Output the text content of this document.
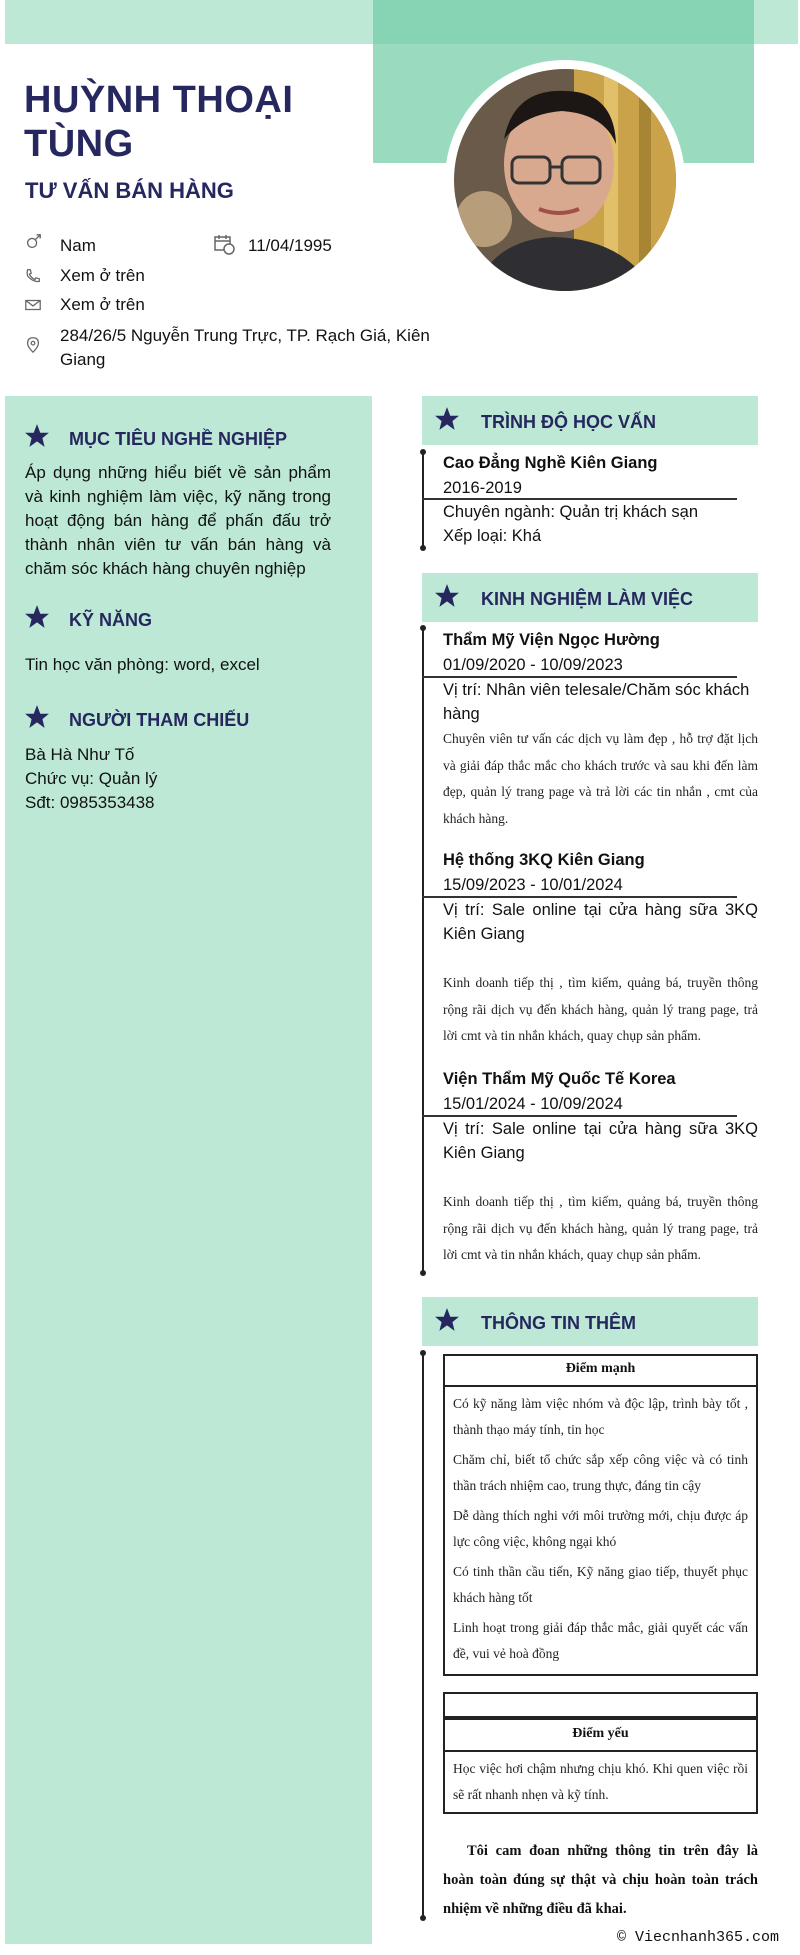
HUỲNH THOẠI TÙNG
TƯ VẤN BÁN HÀNG
Nam	11/04/1995
Xem ở trên
Xem ở trên
284/26/5 Nguyễn Trung Trực, TP. Rạch Giá, Kiên Giang
MỤC TIÊU NGHỀ NGHIỆP
Áp dụng những hiểu biết về sản phẩm và kinh nghiệm làm việc, kỹ năng trong hoạt động bán hàng để phấn đấu trở thành nhân viên tư vấn bán hàng và chăm sóc khách hàng chuyên nghiệp
KỸ NĂNG
Tin học văn phòng: word, excel
NGƯỜI THAM CHIẾU
Bà Hà Như Tố
Chức vụ: Quản lý
Sđt: 0985353438
TRÌNH ĐỘ HỌC VẤN
Cao Đẳng Nghề Kiên Giang
2016-2019
Chuyên ngành: Quản trị khách sạn
Xếp loại: Khá
KINH NGHIỆM LÀM VIỆC
Thẩm Mỹ Viện Ngọc Hường
01/09/2020 - 10/09/2023
Vị trí: Nhân viên telesale/Chăm sóc khách hàng
Chuyên viên tư vấn các dịch vụ làm đẹp , hỗ trợ đặt lịch và giải đáp thắc mắc cho khách trước và sau khi đến làm đẹp, quản lý trang page và trả lời các tin nhắn , cmt của khách hàng.
Hệ thống 3KQ Kiên Giang
15/09/2023 - 10/01/2024
Vị trí: Sale online tại cửa hàng sữa 3KQ Kiên Giang
Kinh doanh tiếp thị , tìm kiếm, quảng bá, truyền thông rộng rãi dịch vụ đến khách hàng, quản lý trang page, trả lời cmt và tin nhắn khách, quay chụp sản phẩm.
Viện Thẩm Mỹ Quốc Tế Korea
15/01/2024 - 10/09/2024
Vị trí: Sale online tại cửa hàng sữa 3KQ Kiên Giang
Kinh doanh tiếp thị , tìm kiếm, quảng bá, truyền thông rộng rãi dịch vụ đến khách hàng, quản lý trang page, trả lời cmt và tin nhắn khách, quay chụp sản phẩm.
THÔNG TIN THÊM
Điểm mạnh
Có kỹ năng làm việc nhóm và độc lập, trình bày tốt , thành thạo máy tính, tin học
Chăm chỉ, biết tổ chức sắp xếp công việc và có tinh thần trách nhiệm cao, trung thực, đáng tin cậy
Dễ dàng thích nghi với môi trường mới, chịu được áp lực công việc, không ngại khó
Có tinh thần cầu tiến, Kỹ năng giao tiếp, thuyết phục khách hàng tốt
Linh hoạt trong giải đáp thắc mắc, giải quyết các vấn đề, vui vẻ hoà đồng
Điểm yếu
Học việc hơi chậm nhưng chịu khó. Khi quen việc rồi sẽ rất nhanh nhẹn và kỹ tính.
Tôi cam đoan những thông tin trên đây là hoàn toàn đúng sự thật và chịu hoàn toàn trách nhiệm về những điều đã khai.
© Viecnhanh365.com
